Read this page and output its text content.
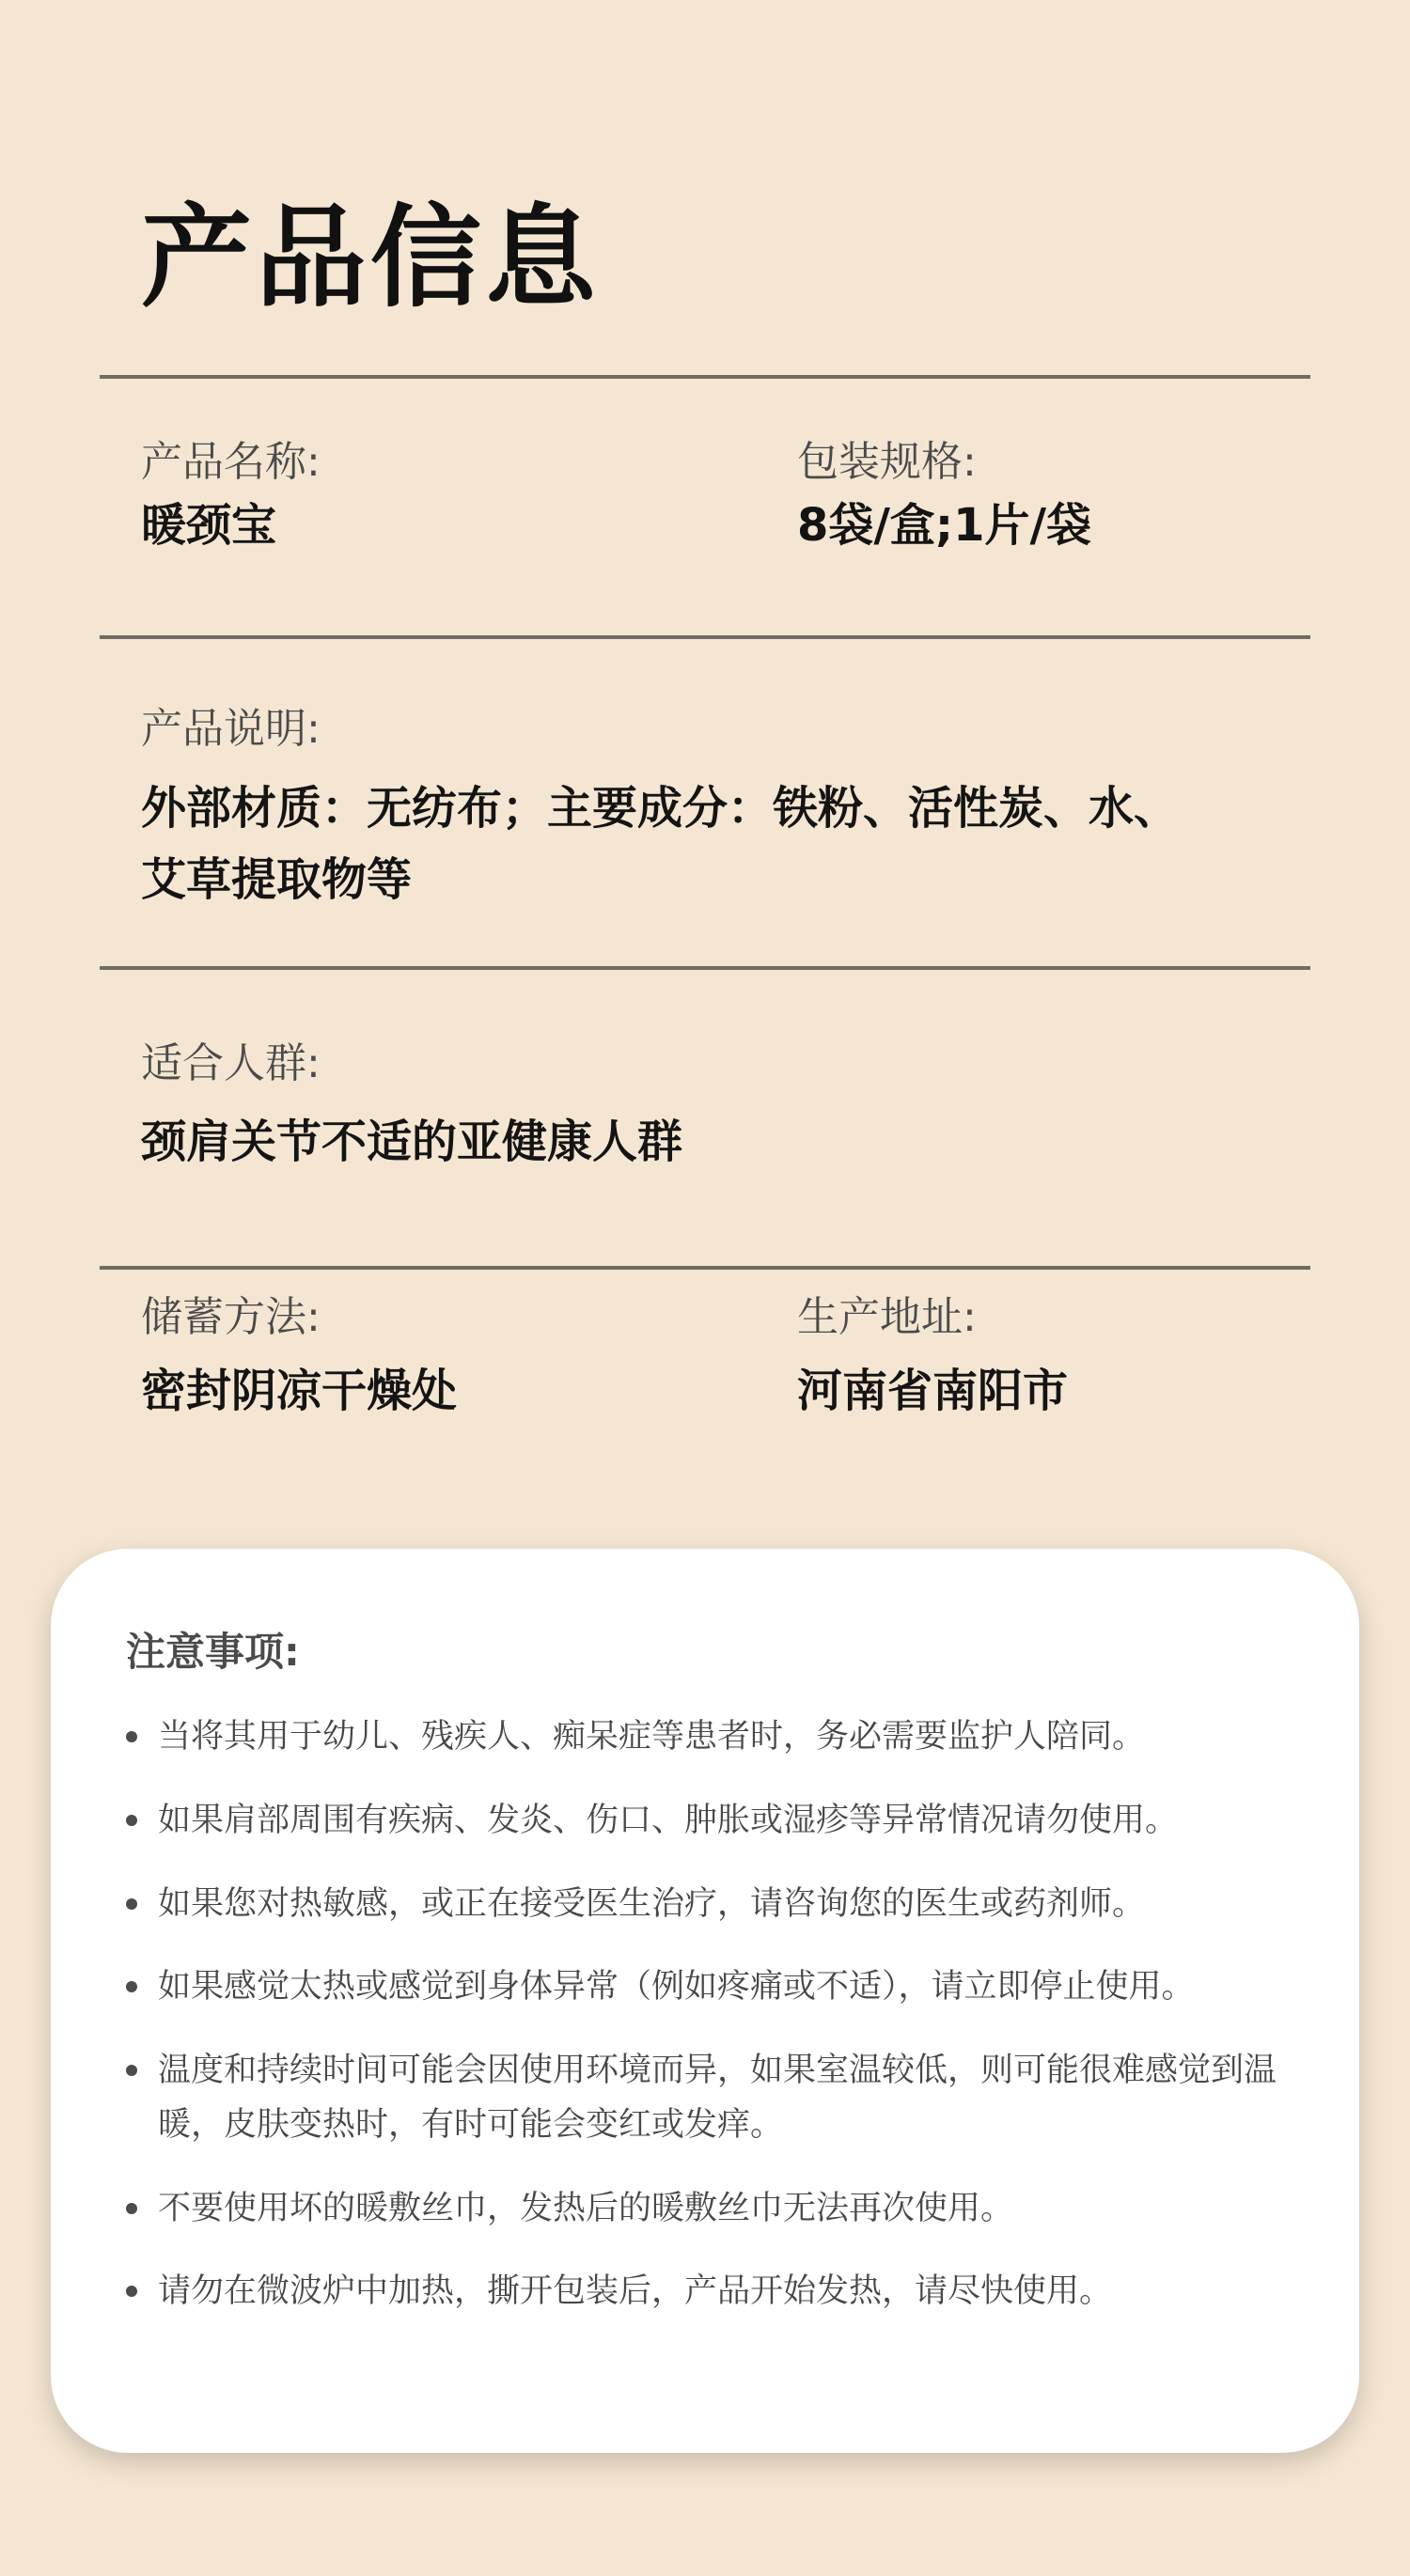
产品信息
产品名称:
暖颈宝
包装规格:
8袋/盒;1片/袋
产品说明:
外部材质：无纺布；主要成分：铁粉、活性炭、水、
艾草提取物等
适合人群:
颈肩关节不适的亚健康人群
储蓄方法:
密封阴凉干燥处
生产地址:
河南省南阳市
注意事项:
当将其用于幼儿、残疾人、痴呆症等患者时，务必需要监护人陪同。
如果肩部周围有疾病、发炎、伤口、肿胀或湿疹等异常情况请勿使用。
如果您对热敏感，或正在接受医生治疗，请咨询您的医生或药剂师。
如果感觉太热或感觉到身体异常（例如疼痛或不适），请立即停止使用。
温度和持续时间可能会因使用环境而异，如果室温较低，则可能很难感觉到温暖，皮肤变热时，有时可能会变红或发痒。
不要使用坏的暖敷丝巾，发热后的暖敷丝巾无法再次使用。
请勿在微波炉中加热，撕开包装后，产品开始发热，请尽快使用。
